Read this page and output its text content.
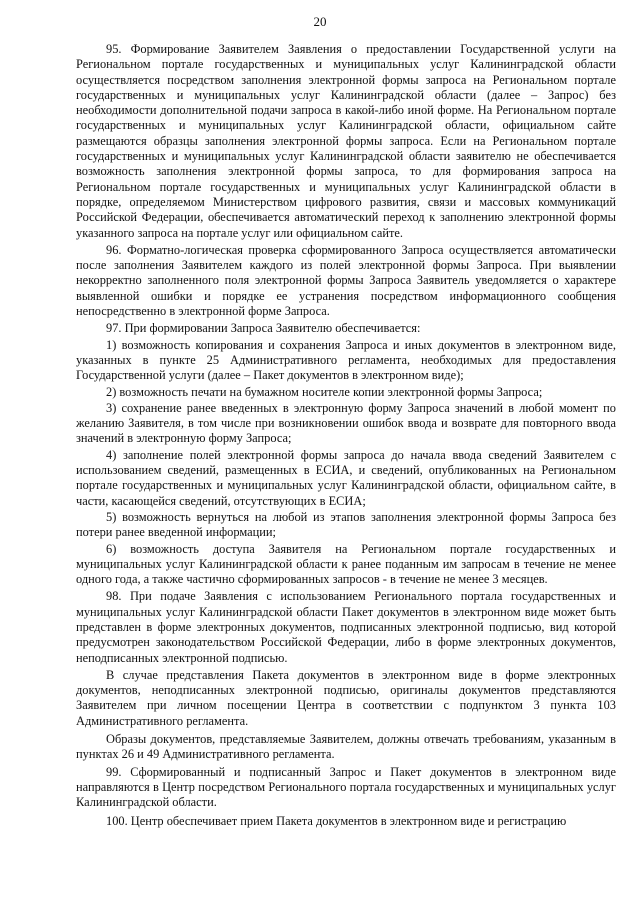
20

95. Формирование Заявителем Заявления о предоставлении Государственной услуги на Региональном портале государственных и муниципальных услуг Калининградской области осуществляется посредством заполнения электронной формы запроса на Региональном портале государственных и муниципальных услуг Калининградской области (далее – Запрос) без необходимости дополнительной подачи запроса в какой-либо иной форме. На Региональном портале государственных и муниципальных услуг Калининградской области, официальном сайте размещаются образцы заполнения электронной формы запроса. Если на Региональном портале государственных и муниципальных услуг Калининградской области заявителю не обеспечивается возможность заполнения электронной формы запроса, то для формирования запроса на Региональном портале государственных и муниципальных услуг Калининградской области в порядке, определяемом Министерством цифрового развития, связи и массовых коммуникаций Российской Федерации, обеспечивается автоматический переход к заполнению электронной формы указанного запроса на портале услуг или официальном сайте.

96. Форматно-логическая проверка сформированного Запроса осуществляется автоматически после заполнения Заявителем каждого из полей электронной формы Запроса. При выявлении некорректно заполненного поля электронной формы Запроса Заявитель уведомляется о характере выявленной ошибки и порядке ее устранения посредством информационного сообщения непосредственно в электронной форме Запроса.

97. При формировании Запроса Заявителю обеспечивается:

1) возможность копирования и сохранения Запроса и иных документов в электронном виде, указанных в пункте 25 Административного регламента, необходимых для предоставления Государственной услуги (далее – Пакет документов в электронном виде);

2) возможность печати на бумажном носителе копии электронной формы Запроса;

3) сохранение ранее введенных в электронную форму Запроса значений в любой момент по желанию Заявителя, в том числе при возникновении ошибок ввода и возврате для повторного ввода значений в электронную форму Запроса;

4) заполнение полей электронной формы запроса до начала ввода сведений Заявителем с использованием сведений, размещенных в ЕСИА, и сведений, опубликованных на Региональном портале государственных и муниципальных услуг Калининградской области, официальном сайте, в части, касающейся сведений, отсутствующих в ЕСИА;

5) возможность вернуться на любой из этапов заполнения электронной формы Запроса без потери ранее введенной информации;

6) возможность доступа Заявителя на Региональном портале государственных и муниципальных услуг Калининградской области к ранее поданным им запросам в течение не менее одного года, а также частично сформированных запросов - в течение не менее 3 месяцев.

98. При подаче Заявления с использованием Регионального портала государственных и муниципальных услуг Калининградской области Пакет документов в электронном виде может быть представлен в форме электронных документов, подписанных электронной подписью, вид которой предусмотрен законодательством Российской Федерации, либо в форме электронных документов, неподписанных электронной подписью.

В случае представления Пакета документов в электронном виде в форме электронных документов, неподписанных электронной подписью, оригиналы документов представляются Заявителем при личном посещении Центра в соответствии с подпунктом 3 пункта 103 Административного регламента.

Образы документов, представляемые Заявителем, должны отвечать требованиям, указанным в пунктах 26 и 49 Административного регламента.

99. Сформированный и подписанный Запрос и Пакет документов в электронном виде направляются в Центр посредством Регионального портала государственных и муниципальных услуг Калининградской области.

100. Центр обеспечивает прием Пакета документов в электронном виде и регистрацию
